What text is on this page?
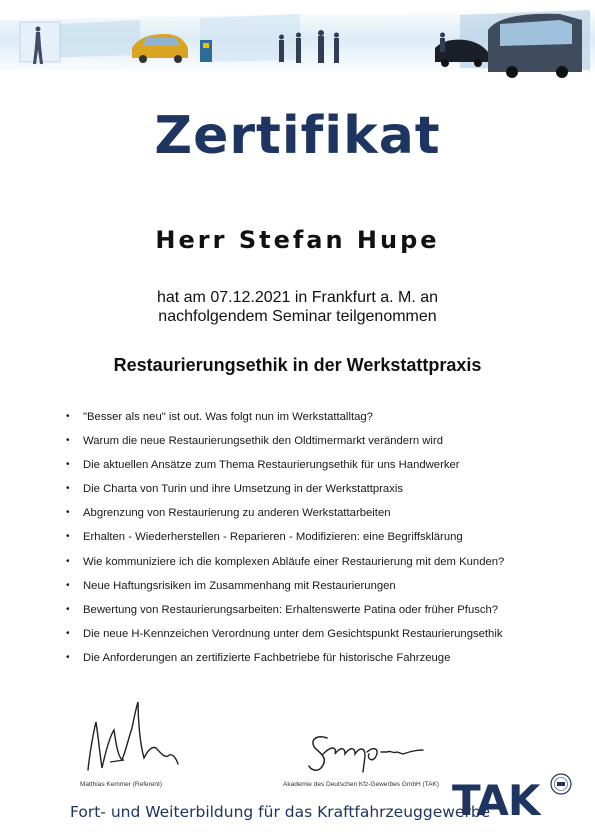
Zertifikat
Herr Stefan Hupe
hat am 07.12.2021 in Frankfurt a. M. an
nachfolgendem Seminar teilgenommen
Restaurierungsethik in der Werkstattpraxis
• "Besser als neu" ist out. Was folgt nun im Werkstattalltag?
• Warum die neue Restaurierungsethik den Oldtimermarkt verändern wird
• Die aktuellen Ansätze zum Thema Restaurierungsethik für uns Handwerker
• Die Charta von Turin und ihre Umsetzung in der Werkstattpraxis
• Abgrenzung von Restaurierung zu anderen Werkstattarbeiten
• Erhalten - Wiederherstellen - Reparieren - Modifizieren: eine Begriffsklärung
• Wie kommuniziere ich die komplexen Abläufe einer Restaurierung mit dem Kunden?
• Neue Haftungsrisiken im Zusammenhang mit Restaurierungen
• Bewertung von Restaurierungsarbeiten: Erhaltenswerte Patina oder früher Pfusch?
• Die neue H-Kennzeichen Verordnung unter dem Gesichtspunkt Restaurierungsethik
• Die Anforderungen an zertifizierte Fachbetriebe für historische Fahrzeuge
Matthias Kemmer (Referent)	Akademie des Deutschen Kfz-Gewerbes GmbH (TAK)
Fort- und Weiterbildung für das Kraftfahrzeuggewerbe
TAK
